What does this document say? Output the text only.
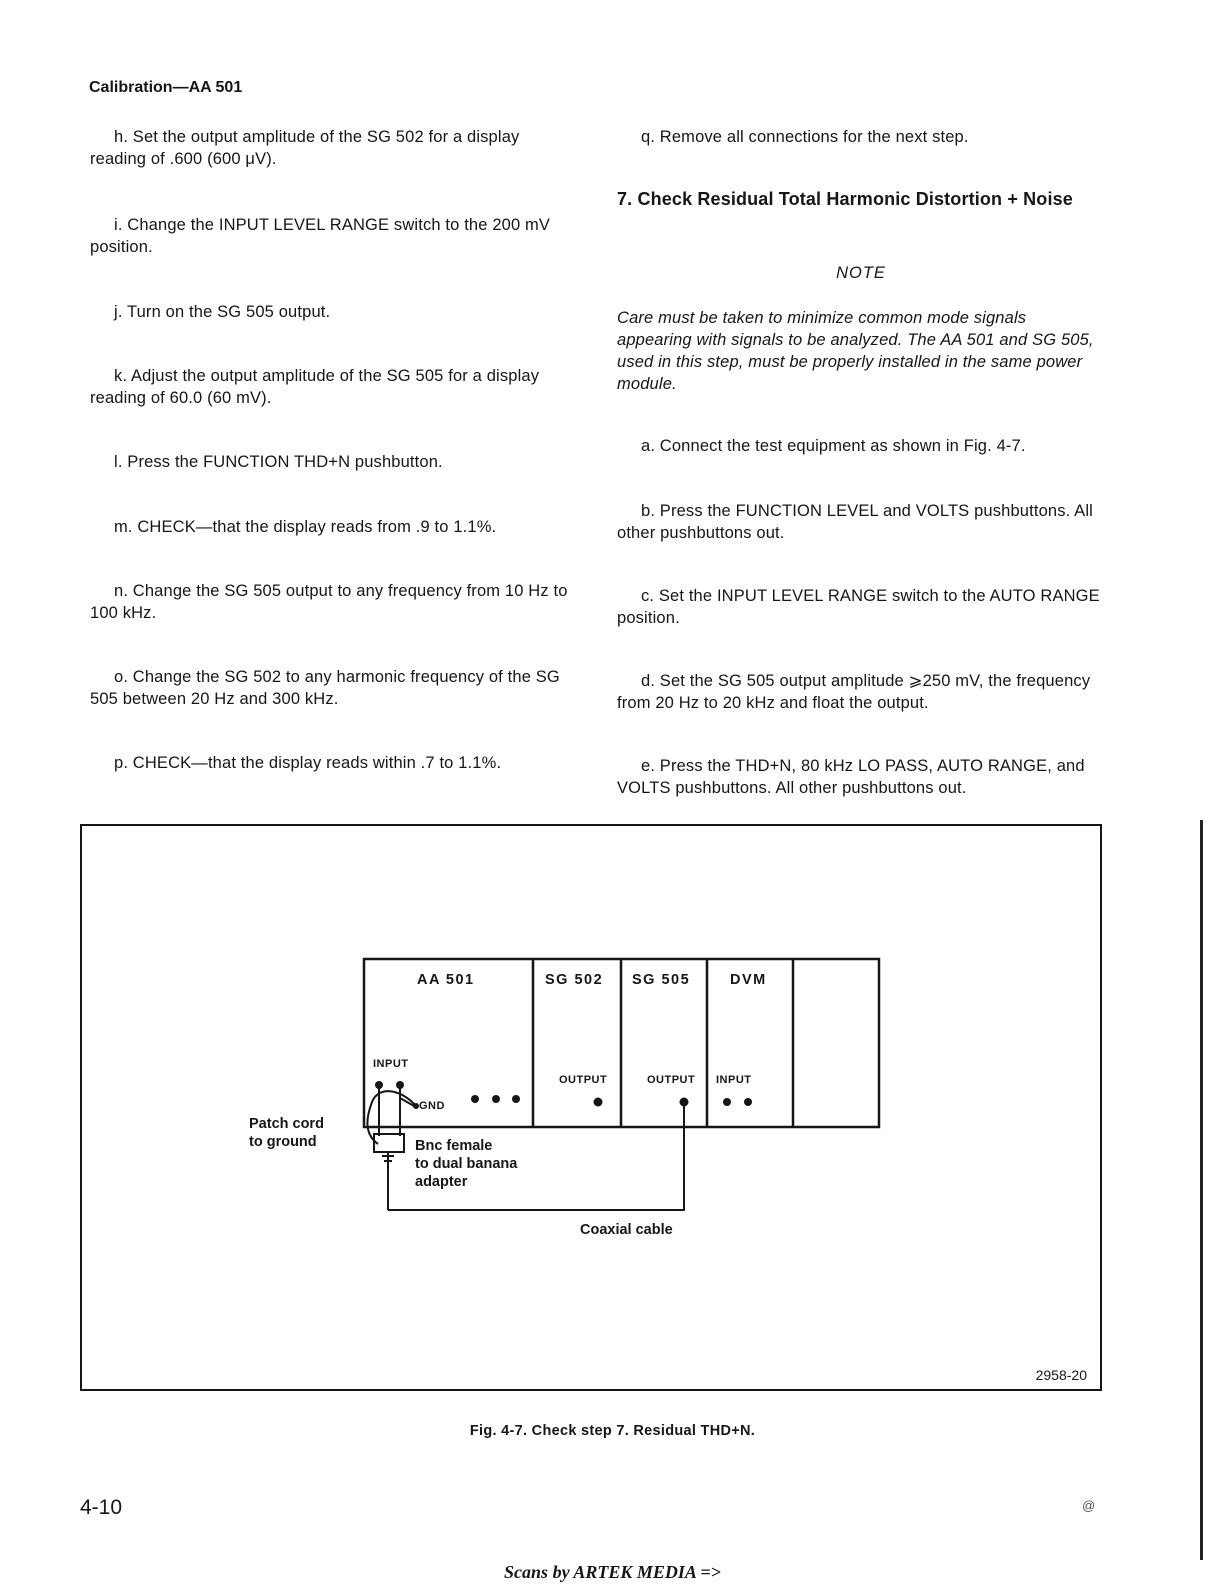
Calibration—AA 501

h. Set the output amplitude of the SG 502 for a display reading of .600 (600 μV).

i. Change the INPUT LEVEL RANGE switch to the 200 mV position.

j. Turn on the SG 505 output.

k. Adjust the output amplitude of the SG 505 for a display reading of 60.0 (60 mV).

l. Press the FUNCTION THD+N pushbutton.

m. CHECK—that the display reads from .9 to 1.1%.

n. Change the SG 505 output to any frequency from 10 Hz to 100 kHz.

o. Change the SG 502 to any harmonic frequency of the SG 505 between 20 Hz and 300 kHz.

p. CHECK—that the display reads within .7 to 1.1%.

q. Remove all connections for the next step.

7. Check Residual Total Harmonic Distortion + Noise
NOTE

Care must be taken to minimize common mode signals appearing with signals to be analyzed. The AA 501 and SG 505, used in this step, must be properly installed in the same power module.

a. Connect the test equipment as shown in Fig. 4-7.

b. Press the FUNCTION LEVEL and VOLTS pushbuttons. All other pushbuttons out.

c. Set the INPUT LEVEL RANGE switch to the AUTO RANGE position.

d. Set the SG 505 output amplitude ⩾250 mV, the frequency from 20 Hz to 20 kHz and float the output.

e. Press the THD+N, 80 kHz LO PASS, AUTO RANGE, and VOLTS pushbuttons. All other pushbuttons out.

AA 501	SG 502 SG 505	DVM
INPUT
GND
OUTPUT	OUTPUT INPUT
Patch cord
to ground	Bnc female
to dual banana
adapter
Coaxial cable
2958-20
Fig. 4-7. Check step 7. Residual THD+N.
4-10	@
Scans by ARTEK MEDIA =>
